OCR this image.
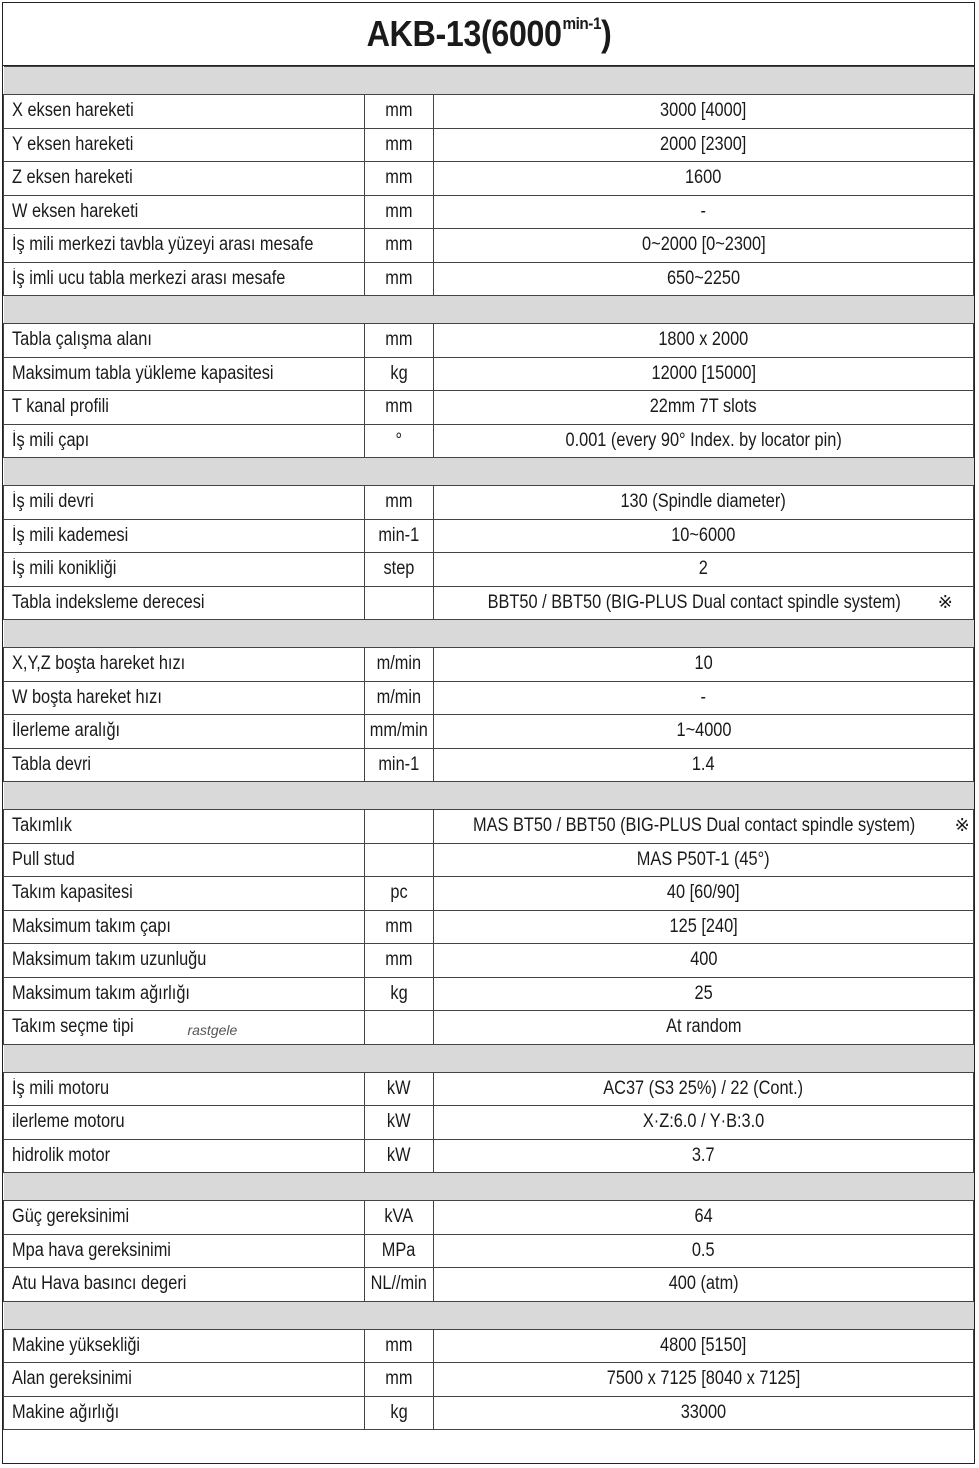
AKB-$13(6000^{min-1})$

X eksen hareketi	mm	3000 [4000]
Y eksen hareketi	mm	2000 [2300]
Z eksen hareketi	mm	1600
W eksen hareketi	mm	-
İş mili merkezi tavbla yüzeyi arası mesafe	mm	0~2000 [0~2300]
İş imli ucu tabla merkezi arası mesafe	mm	650~2250

Tabla çalışma alanı	mm	1800 x 2000
Maksimum tabla yükleme kapasitesi	kg	12000 [15000]
T kanal profili	mm	22mm 7T slots
İş mili çapı	°	0.001 (every 90° Index. by locator pin)

İş mili devri	mm	130 (Spindle diameter)
İş mili kademesi	min-1	10~6000
İş mili konikliği	step	2
Tabla indeksleme derecesi		BBT50 / BBT50 (BIG-PLUS Dual contact spindle system) ※

X,Y,Z boşta hareket hızı	m/min	10
W boşta hareket hızı	m/min	-
İlerleme aralığı	mm/min	1~4000
Tabla devri	min-1	1.4

Takımlık		MAS BT50 / BBT50 (BIG-PLUS Dual contact spindle system) ※
Pull stud		MAS P50T-1 (45°)
Takım kapasitesi	pc	40 [60/90]
Maksimum takım çapı	mm	125 [240]
Maksimum takım uzunluğu	mm	400
Maksimum takım ağırlığı	kg	25
Takım seçme tipi rastgele		At random

İş mili motoru	kW	AC37 (S3 25%) / 22 (Cont.)
ilerleme motoru	kW	X·Z:6.0 / Y·B:3.0
hidrolik motor	kW	3.7

Güç gereksinimi	kVA	64
Mpa hava gereksinimi	MPa	0.5
Atu Hava basıncı degeri	NL//min	400 (atm)

Makine yüksekliği	mm	4800 [5150]
Alan gereksinimi	mm	7500 x 7125 [8040 x 7125]
Makine ağırlığı	kg	33000
